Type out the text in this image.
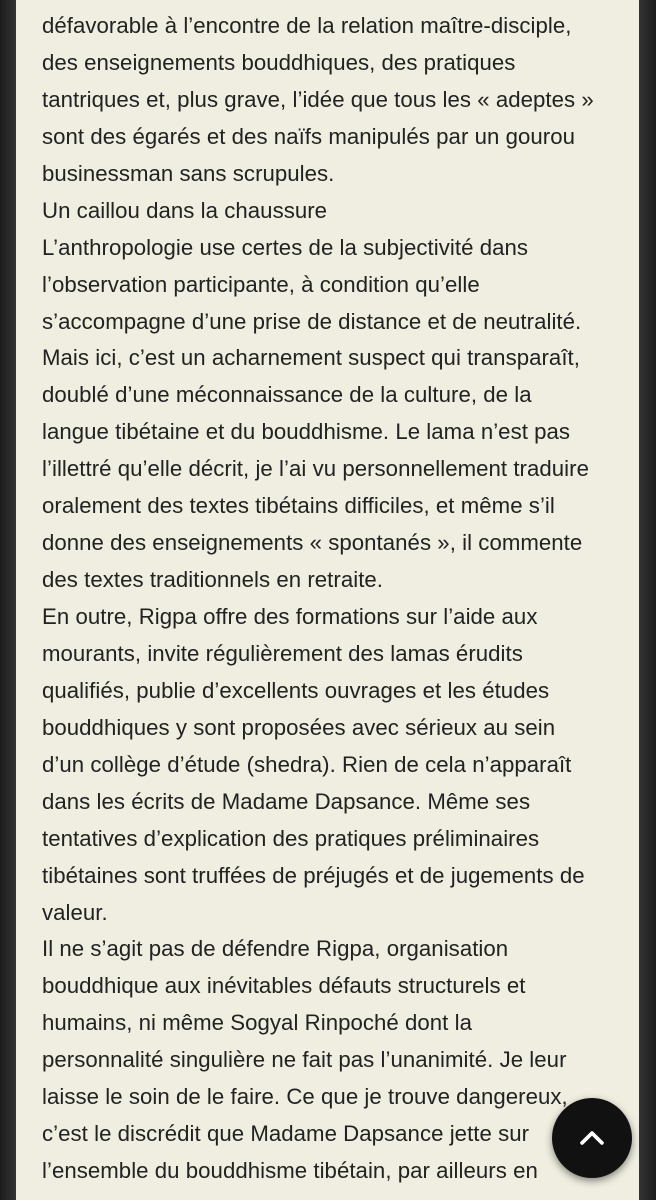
défavorable à l’encontre de la relation maître-disciple,
des enseignements bouddhiques, des pratiques
tantriques et, plus grave, l’idée que tous les « adeptes »
sont des égarés et des naïfs manipulés par un gourou
businessman sans scrupules.

Un caillou dans la chaussure

L’anthropologie use certes de la subjectivité dans
l’observation participante, à condition qu’elle
s’accompagne d’une prise de distance et de neutralité.
Mais ici, c’est un acharnement suspect qui transparaît,
doublé d’une méconnaissance de la culture, de la
langue tibétaine et du bouddhisme. Le lama n’est pas
l’illettré qu’elle décrit, je l’ai vu personnellement traduire
oralement des textes tibétains difficiles, et même s’il
donne des enseignements « spontanés », il commente
des textes traditionnels en retraite.

En outre, Rigpa offre des formations sur l’aide aux
mourants, invite régulièrement des lamas érudits
qualifiés, publie d’excellents ouvrages et les études
bouddhiques y sont proposées avec sérieux au sein
d’un collège d’étude (shedra). Rien de cela n’apparaît
dans les écrits de Madame Dapsance. Même ses
tentatives d’explication des pratiques préliminaires
tibétaines sont truffées de préjugés et de jugements de
valeur.

Il ne s’agit pas de défendre Rigpa, organisation
bouddhique aux inévitables défauts structurels et
humains, ni même Sogyal Rinpoché dont la
personnalité singulière ne fait pas l’unanimité. Je leur
laisse le soin de le faire. Ce que je trouve dangereux,
c’est le discrédit que Madame Dapsance jette sur
l’ensemble du bouddhisme tibétain, par ailleurs en
